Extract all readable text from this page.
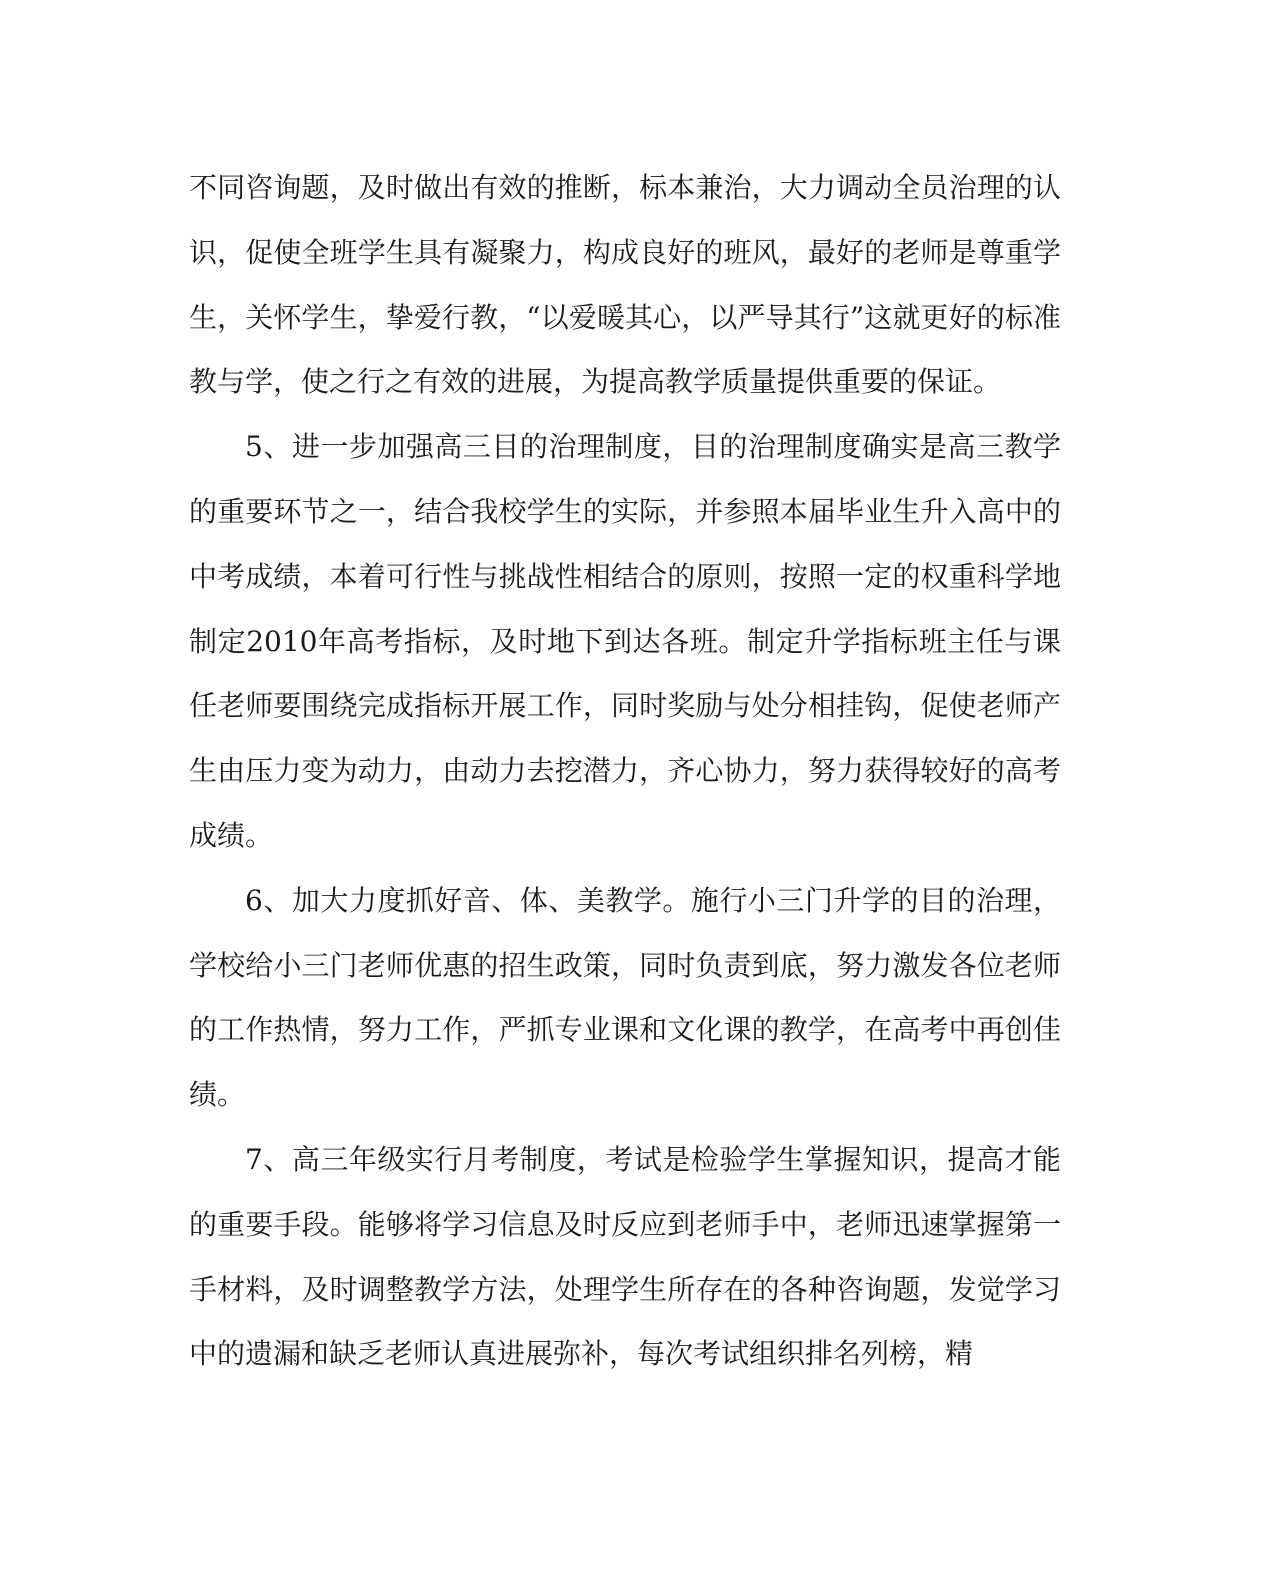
不同咨询题，及时做出有效的推断，标本兼治，大力调动全员治理的认识，促使全班学生具有凝聚力，构成良好的班风，最好的老师是尊重学生，关怀学生，挚爱行教，“以爱暖其心，以严导其行”这就更好的标准教与学，使之行之有效的进展，为提高教学质量提供重要的保证。

5、进一步加强高三目的治理制度，目的治理制度确实是高三教学的重要环节之一，结合我校学生的实际，并参照本届毕业生升入高中的中考成绩，本着可行性与挑战性相结合的原则，按照一定的权重科学地制定2010年高考指标，及时地下到达各班。制定升学指标班主任与课任老师要围绕完成指标开展工作，同时奖励与处分相挂钩，促使老师产生由压力变为动力，由动力去挖潜力，齐心协力，努力获得较好的高考成绩。

6、加大力度抓好音、体、美教学。施行小三门升学的目的治理，学校给小三门老师优惠的招生政策，同时负责到底，努力激发各位老师的工作热情，努力工作，严抓专业课和文化课的教学，在高考中再创佳绩。

7、高三年级实行月考制度，考试是检验学生掌握知识，提高才能的重要手段。能够将学习信息及时反应到老师手中，老师迅速掌握第一手材料，及时调整教学方法，处理学生所存在的各种咨询题，发觉学习中的遗漏和缺乏老师认真进展弥补，每次考试组织排名列榜，精
